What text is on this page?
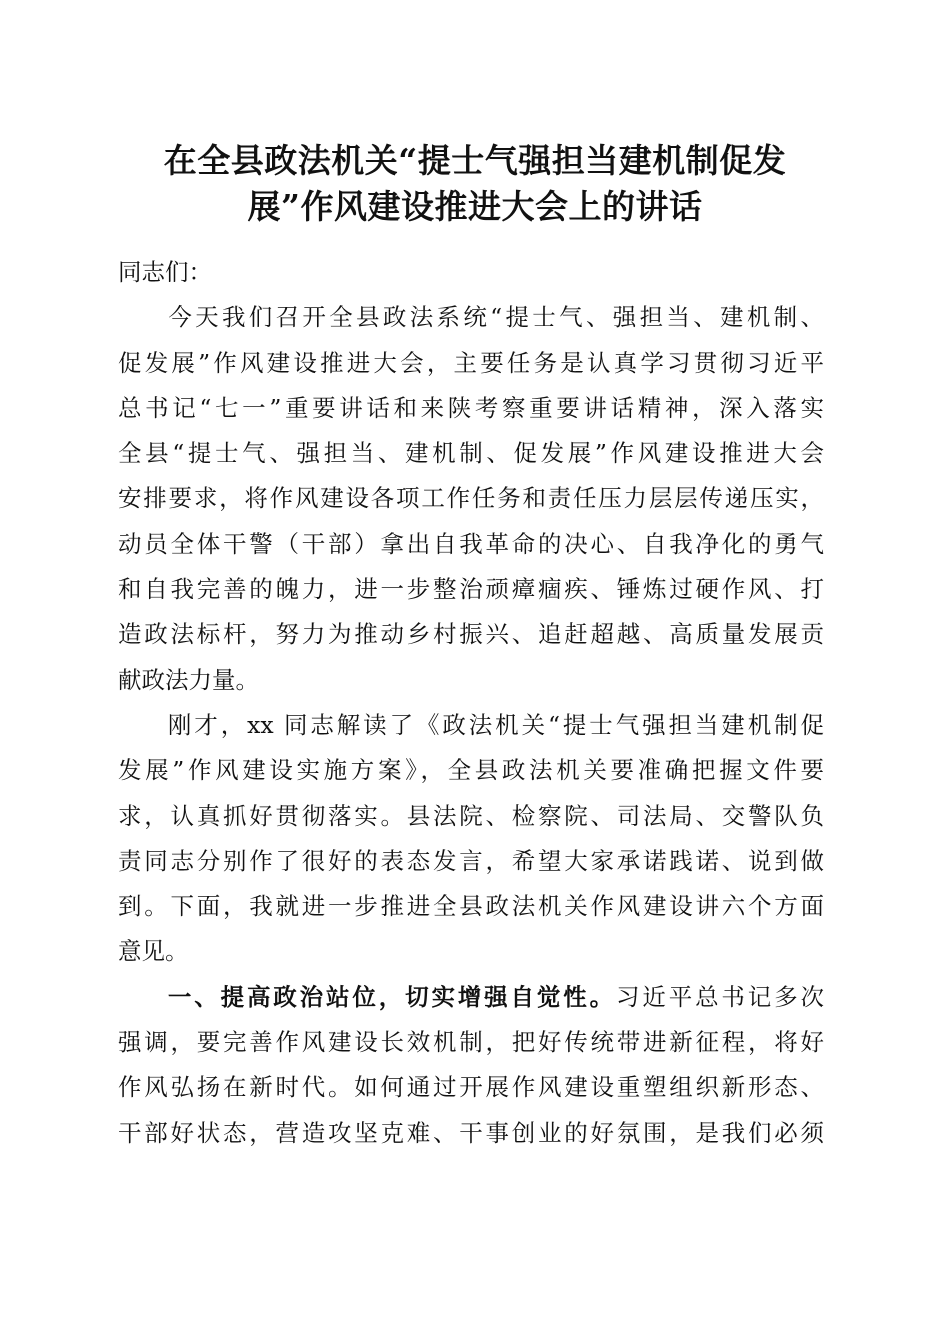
在全县政法机关“提士气强担当建机制促发
展”作风建设推进大会上的讲话
同志们：
今天我们召开全县政法系统“提士气、强担当、建机制、
促发展”作风建设推进大会，主要任务是认真学习贯彻习近平
总书记“七一”重要讲话和来陕考察重要讲话精神，深入落实
全县“提士气、强担当、建机制、促发展”作风建设推进大会
安排要求，将作风建设各项工作任务和责任压力层层传递压实，
动员全体干警（干部）拿出自我革命的决心、自我净化的勇气
和自我完善的魄力，进一步整治顽瘴痼疾、锤炼过硬作风、打
造政法标杆，努力为推动乡村振兴、追赶超越、高质量发展贡
献政法力量。
刚才，xx 同志解读了《政法机关“提士气强担当建机制促
发展”作风建设实施方案》，全县政法机关要准确把握文件要
求，认真抓好贯彻落实。县法院、检察院、司法局、交警队负
责同志分别作了很好的表态发言，希望大家承诺践诺、说到做
到。下面，我就进一步推进全县政法机关作风建设讲六个方面
意见。
一、提高政治站位，切实增强自觉性。习近平总书记多次
强调，要完善作风建设长效机制，把好传统带进新征程，将好
作风弘扬在新时代。如何通过开展作风建设重塑组织新形态、
干部好状态，营造攻坚克难、干事创业的好氛围，是我们必须
